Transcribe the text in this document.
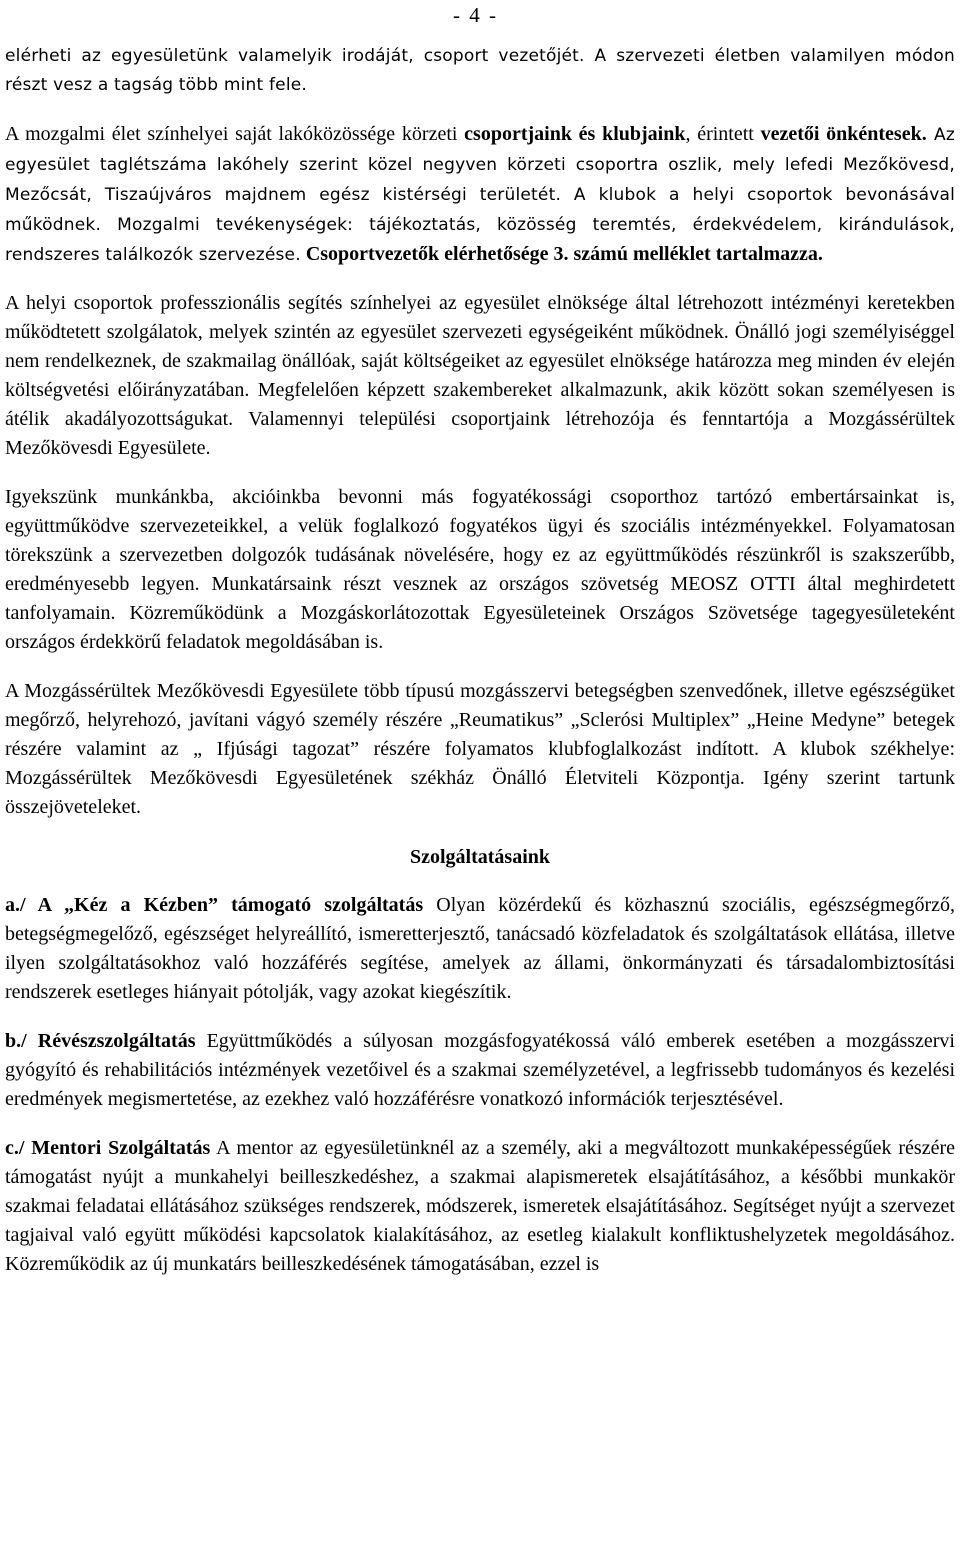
- 4 -

elérheti az egyesületünk valamelyik irodáját, csoport vezetőjét. A szervezeti életben valamilyen módon részt vesz a tagság több mint fele.

A mozgalmi élet színhelyei saját lakóközössége körzeti csoportjaink és klubjaink, érintett vezetői önkéntesek. Az egyesület taglétszáma lakóhely szerint közel negyven körzeti csoportra oszlik, mely lefedi Mezőkövesd, Mezőcsát, Tiszaújváros majdnem egész kistérségi területét. A klubok a helyi csoportok bevonásával működnek. Mozgalmi tevékenységek: tájékoztatás, közösség teremtés, érdekvédelem, kirándulások, rendszeres találkozók szervezése. Csoportvezetők elérhetősége 3. számú melléklet tartalmazza.

A helyi csoportok professzionális segítés színhelyei az egyesület elnöksége által létrehozott intézményi keretekben működtetett szolgálatok, melyek szintén az egyesület szervezeti egységeiként működnek. Önálló jogi személyiséggel nem rendelkeznek, de szakmailag önállóak, saját költségeiket az egyesület elnöksége határozza meg minden év elején költségvetési előirányzatában. Megfelelően képzett szakembereket alkalmazunk, akik között sokan személyesen is átélik akadályozottságukat. Valamennyi települési csoportjaink létrehozója és fenntartója a Mozgássérültek Mezőkövesdi Egyesülete.

Igyekszünk munkánkba, akcióinkba bevonni más fogyatékossági csoporthoz tartózó embertársainkat is, együttműködve szervezeteikkel, a velük foglalkozó fogyatékos ügyi és szociális intézményekkel. Folyamatosan törekszünk a szervezetben dolgozók tudásának növelésére, hogy ez az együttműködés részünkről is szakszerűbb, eredményesebb legyen. Munkatársaink részt vesznek az országos szövetség MEOSZ OTTI által meghirdetett tanfolyamain. Közreműködünk a Mozgáskorlátozottak Egyesületeinek Országos Szövetsége tagegyesületeként országos érdekkörű feladatok megoldásában is.

A Mozgássérültek Mezőkövesdi Egyesülete több típusú mozgásszervi betegségben szenvedőnek, illetve egészségüket megőrző, helyrehozó, javítani vágyó személy részére „Reumatikus” „Sclerósi Multiplex” „Heine Medyne” betegek részére valamint az „ Ifjúsági tagozat” részére folyamatos klubfoglalkozást indított. A klubok székhelye: Mozgássérültek Mezőkövesdi Egyesületének székház Önálló Életviteli Központja. Igény szerint tartunk összejöveteleket.

Szolgáltatásaink

a./ A „Kéz a Kézben” támogató szolgáltatás Olyan közérdekű és közhasznú szociális, egészségmegőrző, betegségmegelőző, egészséget helyreállító, ismeretterjesztő, tanácsadó közfeladatok és szolgáltatások ellátása, illetve ilyen szolgáltatásokhoz való hozzáférés segítése, amelyek az állami, önkormányzati és társadalombiztosítási rendszerek esetleges hiányait pótolják, vagy azokat kiegészítik.

b./ Révészszolgáltatás Együttműködés a súlyosan mozgásfogyatékossá váló emberek esetében a mozgásszervi gyógyító és rehabilitációs intézmények vezetőivel és a szakmai személyzetével, a legfrissebb tudományos és kezelési eredmények megismertetése, az ezekhez való hozzáférésre vonatkozó információk terjesztésével.

c./ Mentori Szolgáltatás A mentor az egyesületünknél az a személy, aki a megváltozott munkaképességűek részére támogatást nyújt a munkahelyi beilleszkedéshez, a szakmai alapismeretek elsajátításához, a későbbi munkakör szakmai feladatai ellátásához szükséges rendszerek, módszerek, ismeretek elsajátításához. Segítséget nyújt a szervezet tagjaival való együtt működési kapcsolatok kialakításához, az esetleg kialakult konfliktushelyzetek megoldásához. Közreműködik az új munkatárs beilleszkedésének támogatásában, ezzel is
